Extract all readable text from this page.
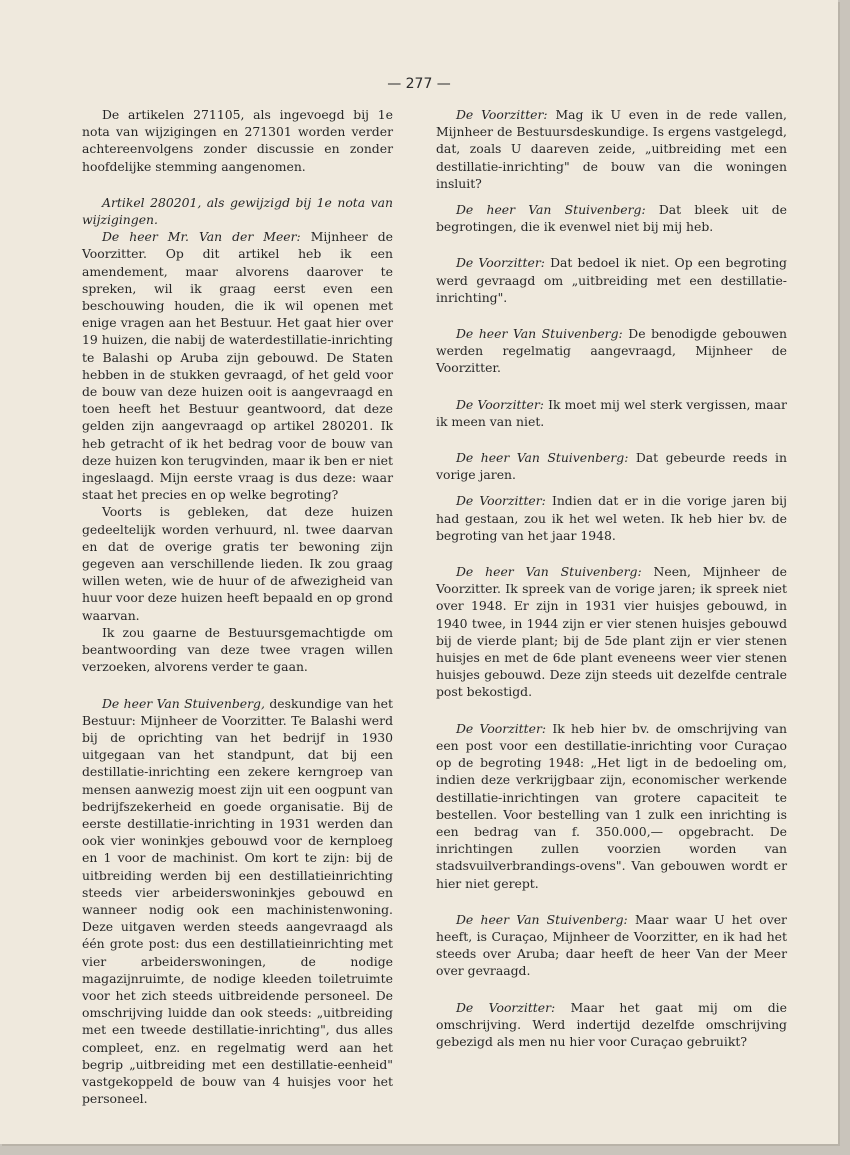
— 277 —

De artikelen 271105, als ingevoegd bij 1e nota van wijzigingen en 271301 worden verder achtereenvolgens zonder discussie en zonder hoofdelijke stemming aangenomen.

Artikel 280201, als gewijzigd bij 1e nota van wijzigingen.

De heer Mr. Van der Meer: Mijnheer de Voorzitter. Op dit artikel heb ik een amendement, maar alvorens daarover te spreken, wil ik graag eerst even een beschouwing houden, die ik wil openen met enige vragen aan het Bestuur. Het gaat hier over 19 huizen, die nabij de waterdestillatie-inrichting te Balashi op Aruba zijn gebouwd. De Staten hebben in de stukken gevraagd, of het geld voor de bouw van deze huizen ooit is aangevraagd en toen heeft het Bestuur geantwoord, dat deze gelden zijn aangevraagd op artikel 280201. Ik heb getracht of ik het bedrag voor de bouw van deze huizen kon terugvinden, maar ik ben er niet ingeslaagd. Mijn eerste vraag is dus deze: waar staat het precies en op welke begroting?

Voorts is gebleken, dat deze huizen gedeeltelijk worden verhuurd, nl. twee daarvan en dat de overige gratis ter bewoning zijn gegeven aan verschillende lieden. Ik zou graag willen weten, wie de huur of de afwezigheid van huur voor deze huizen heeft bepaald en op grond waarvan.

Ik zou gaarne de Bestuursgemachtigde om beantwoording van deze twee vragen willen verzoeken, alvorens verder te gaan.

De heer Van Stuivenberg, deskundige van het Bestuur: Mijnheer de Voorzitter. Te Balashi werd bij de oprichting van het bedrijf in 1930 uitgegaan van het standpunt, dat bij een destillatie-inrichting een zekere kerngroep van mensen aanwezig moest zijn uit een oogpunt van bedrijfszekerheid en goede organisatie. Bij de eerste destillatie-inrichting in 1931 werden dan ook vier woninkjes gebouwd voor de kernploeg en 1 voor de machinist. Om kort te zijn: bij de uitbreiding werden bij een destillatieinrichting steeds vier arbeiderswoninkjes gebouwd en wanneer nodig ook een machinistenwoning. Deze uitgaven werden steeds aangevraagd als één grote post: dus een destillatieinrichting met vier arbeiderswoningen, de nodige magazijnruimte, de nodige kleeden toiletruimte voor het zich steeds uitbreidende personeel. De omschrijving luidde dan ook steeds: „uitbreiding met een tweede destillatie-inrichting", dus alles compleet, enz. en regelmatig werd aan het begrip „uitbreiding met een destillatie-eenheid" vastgekoppeld de bouw van 4 huisjes voor het personeel.

De Voorzitter: Mag ik U even in de rede vallen, Mijnheer de Bestuursdeskundige. Is ergens vastgelegd, dat, zoals U daareven zeide, „uitbreiding met een destillatie-inrichting" de bouw van die woningen insluit?

De heer Van Stuivenberg: Dat bleek uit de begrotingen, die ik evenwel niet bij mij heb.

De Voorzitter: Dat bedoel ik niet. Op een begroting werd gevraagd om „uitbreiding met een destillatie-inrichting".

De heer Van Stuivenberg: De benodigde gebouwen werden regelmatig aangevraagd, Mijnheer de Voorzitter.

De Voorzitter: Ik moet mij wel sterk vergissen, maar ik meen van niet.

De heer Van Stuivenberg: Dat gebeurde reeds in vorige jaren.

De Voorzitter: Indien dat er in die vorige jaren bij had gestaan, zou ik het wel weten. Ik heb hier bv. de begroting van het jaar 1948.

De heer Van Stuivenberg: Neen, Mijnheer de Voorzitter. Ik spreek van de vorige jaren; ik spreek niet over 1948. Er zijn in 1931 vier huisjes gebouwd, in 1940 twee, in 1944 zijn er vier stenen huisjes gebouwd bij de vierde plant; bij de 5de plant zijn er vier stenen huisjes en met de 6de plant eveneens weer vier stenen huisjes gebouwd. Deze zijn steeds uit dezelfde centrale post bekostigd.

De Voorzitter: Ik heb hier bv. de omschrijving van een post voor een destillatie-inrichting voor Curaçao op de begroting 1948: „Het ligt in de bedoeling om, indien deze verkrijgbaar zijn, economischer werkende destillatie-inrichtingen van grotere capaciteit te bestellen. Voor bestelling van 1 zulk een inrichting is een bedrag van f. 350.000,— opgebracht. De inrichtingen zullen voorzien worden van stadsvuilverbrandings-ovens". Van gebouwen wordt er hier niet gerept.

De heer Van Stuivenberg: Maar waar U het over heeft, is Curaçao, Mijnheer de Voorzitter, en ik had het steeds over Aruba; daar heeft de heer Van der Meer over gevraagd.

De Voorzitter: Maar het gaat mij om die omschrijving. Werd indertijd dezelfde omschrijving gebezigd als men nu hier voor Curaçao gebruikt?
